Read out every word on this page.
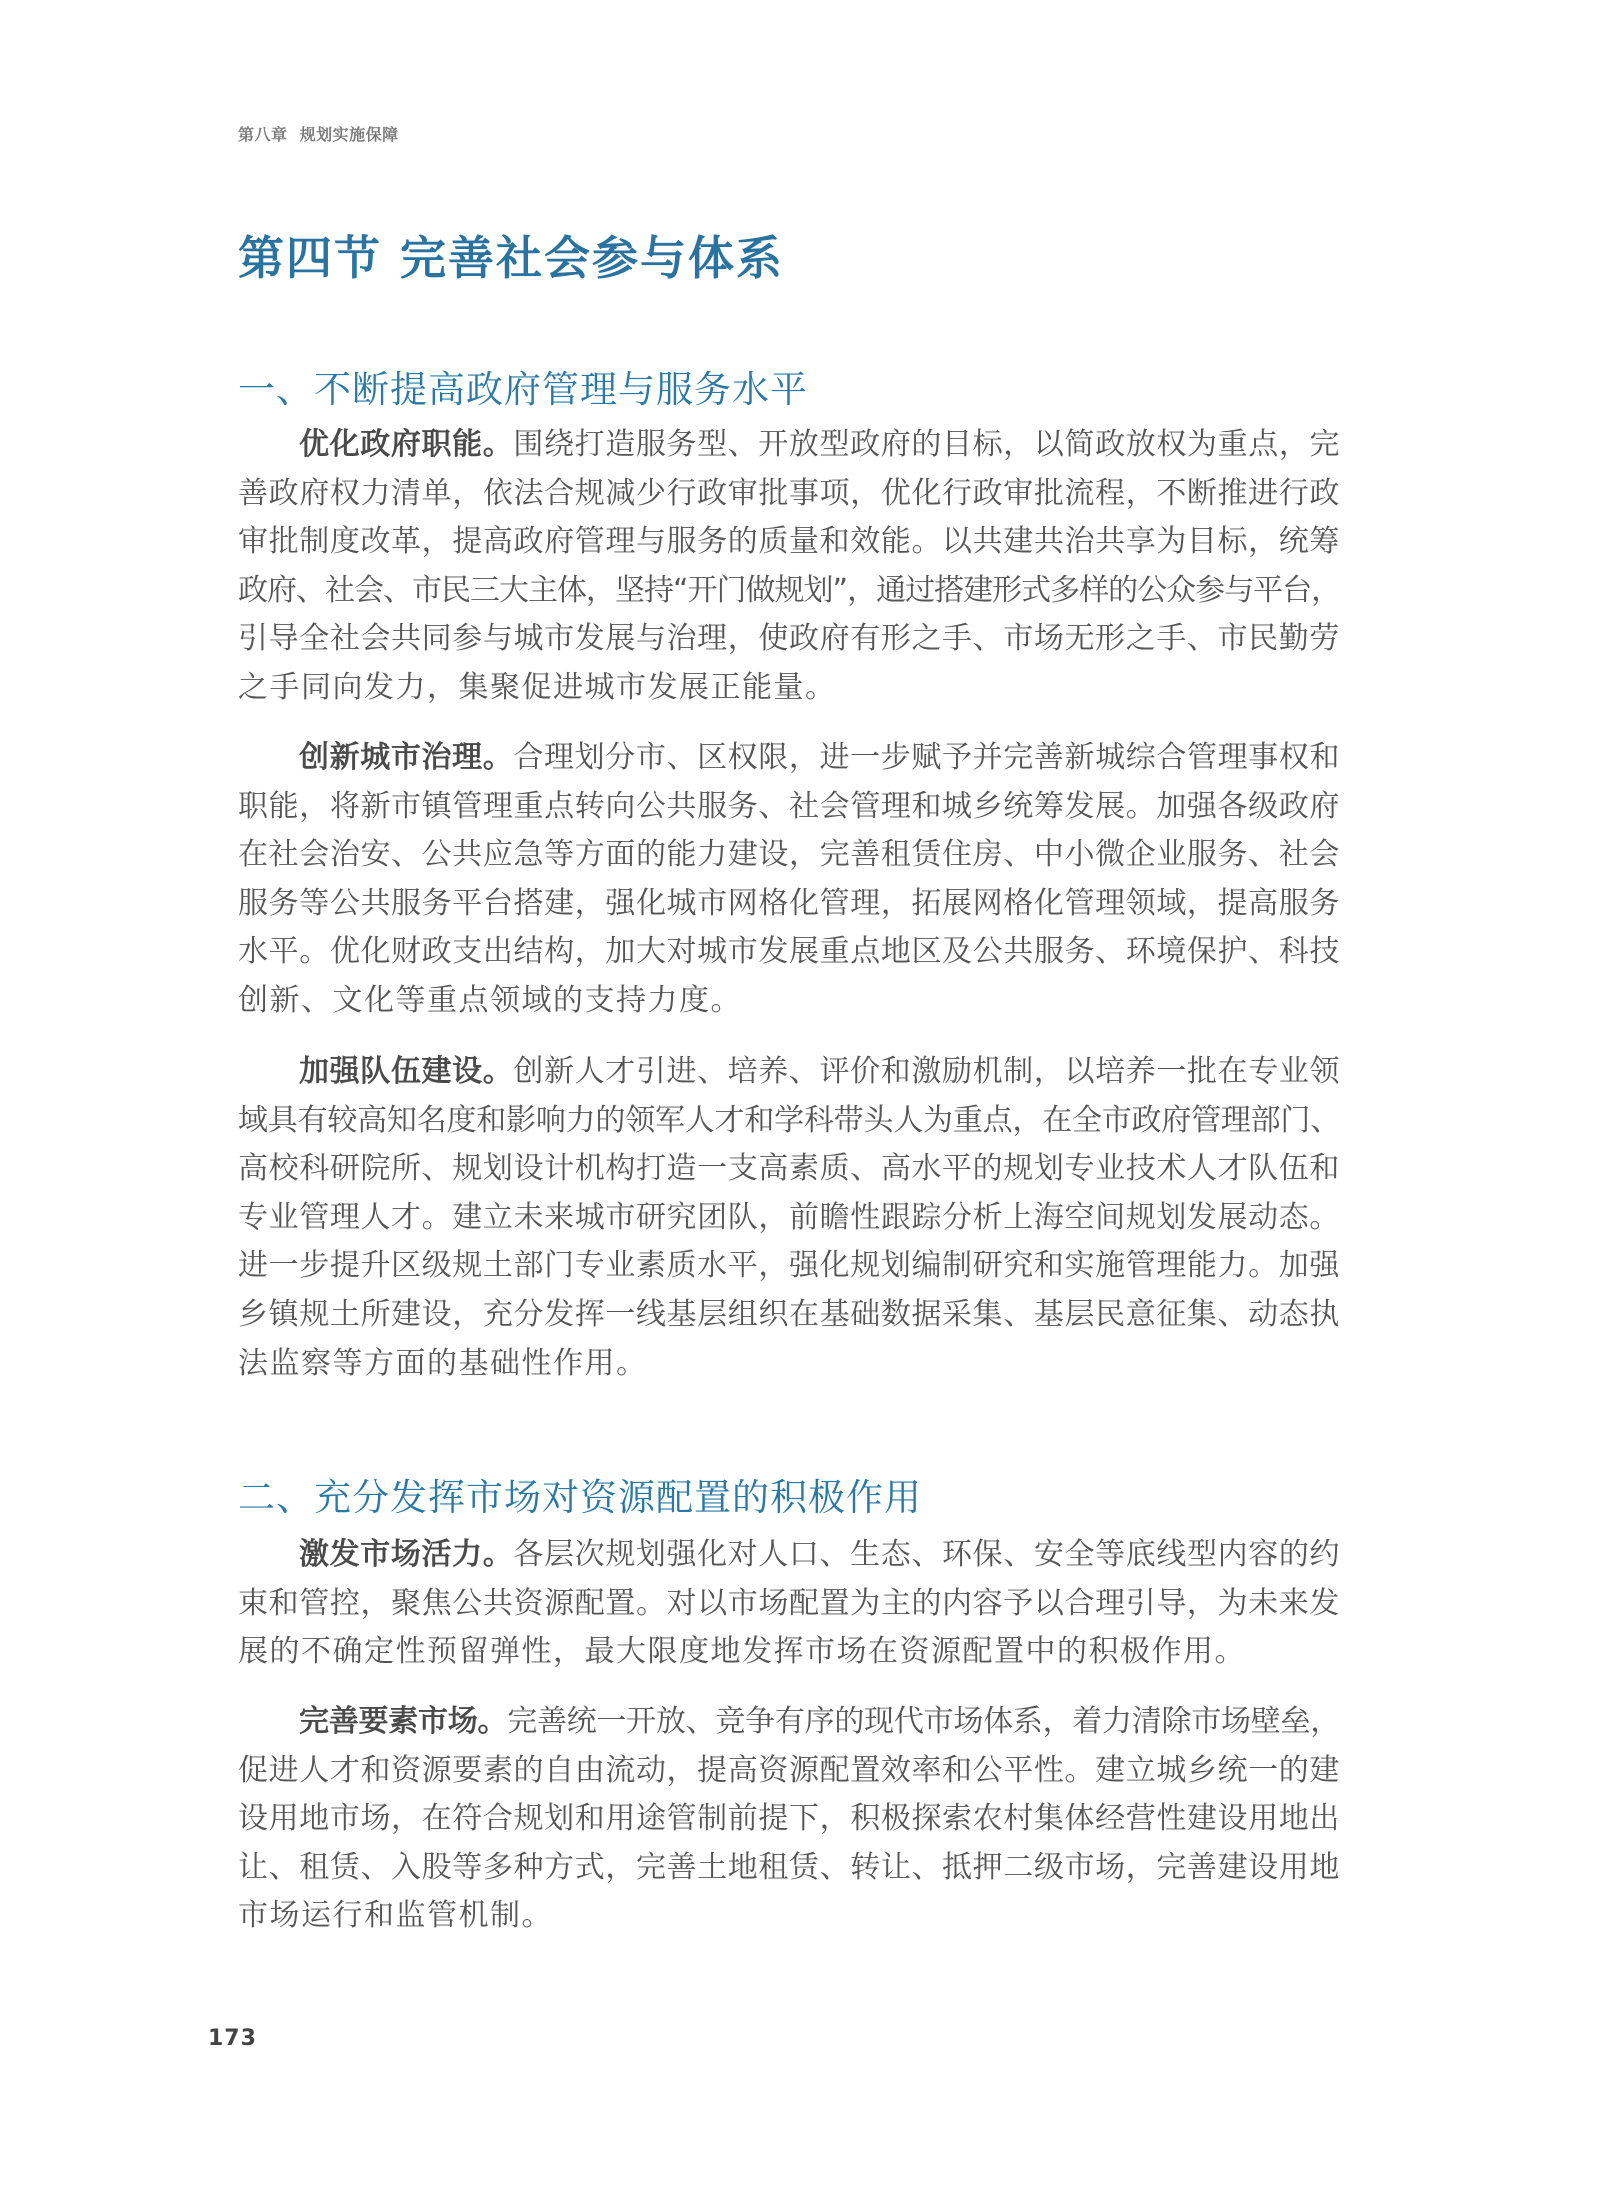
第八章  规划实施保障
第四节 完善社会参与体系
一、不断提高政府管理与服务水平
优化政府职能。围绕打造服务型、开放型政府的目标，以简政放权为重点，完
善政府权力清单，依法合规减少行政审批事项，优化行政审批流程，不断推进行政
审批制度改革，提高政府管理与服务的质量和效能。以共建共治共享为目标，统筹
政府、社会、市民三大主体，坚持“开门做规划”，通过搭建形式多样的公众参与平台，
引导全社会共同参与城市发展与治理，使政府有形之手、市场无形之手、市民勤劳
之手同向发力，集聚促进城市发展正能量。
创新城市治理。合理划分市、区权限，进一步赋予并完善新城综合管理事权和
职能，将新市镇管理重点转向公共服务、社会管理和城乡统筹发展。加强各级政府
在社会治安、公共应急等方面的能力建设，完善租赁住房、中小微企业服务、社会
服务等公共服务平台搭建，强化城市网格化管理，拓展网格化管理领域，提高服务
水平。优化财政支出结构，加大对城市发展重点地区及公共服务、环境保护、科技
创新、文化等重点领域的支持力度。
加强队伍建设。创新人才引进、培养、评价和激励机制，以培养一批在专业领
域具有较高知名度和影响力的领军人才和学科带头人为重点，在全市政府管理部门、
高校科研院所、规划设计机构打造一支高素质、高水平的规划专业技术人才队伍和
专业管理人才。建立未来城市研究团队，前瞻性跟踪分析上海空间规划发展动态。
进一步提升区级规土部门专业素质水平，强化规划编制研究和实施管理能力。加强
乡镇规土所建设，充分发挥一线基层组织在基础数据采集、基层民意征集、动态执
法监察等方面的基础性作用。
二、充分发挥市场对资源配置的积极作用
激发市场活力。各层次规划强化对人口、生态、环保、安全等底线型内容的约
束和管控，聚焦公共资源配置。对以市场配置为主的内容予以合理引导，为未来发
展的不确定性预留弹性，最大限度地发挥市场在资源配置中的积极作用。
完善要素市场。完善统一开放、竞争有序的现代市场体系，着力清除市场壁垒，
促进人才和资源要素的自由流动，提高资源配置效率和公平性。建立城乡统一的建
设用地市场，在符合规划和用途管制前提下，积极探索农村集体经营性建设用地出
让、租赁、入股等多种方式，完善土地租赁、转让、抵押二级市场，完善建设用地
市场运行和监管机制。
173
